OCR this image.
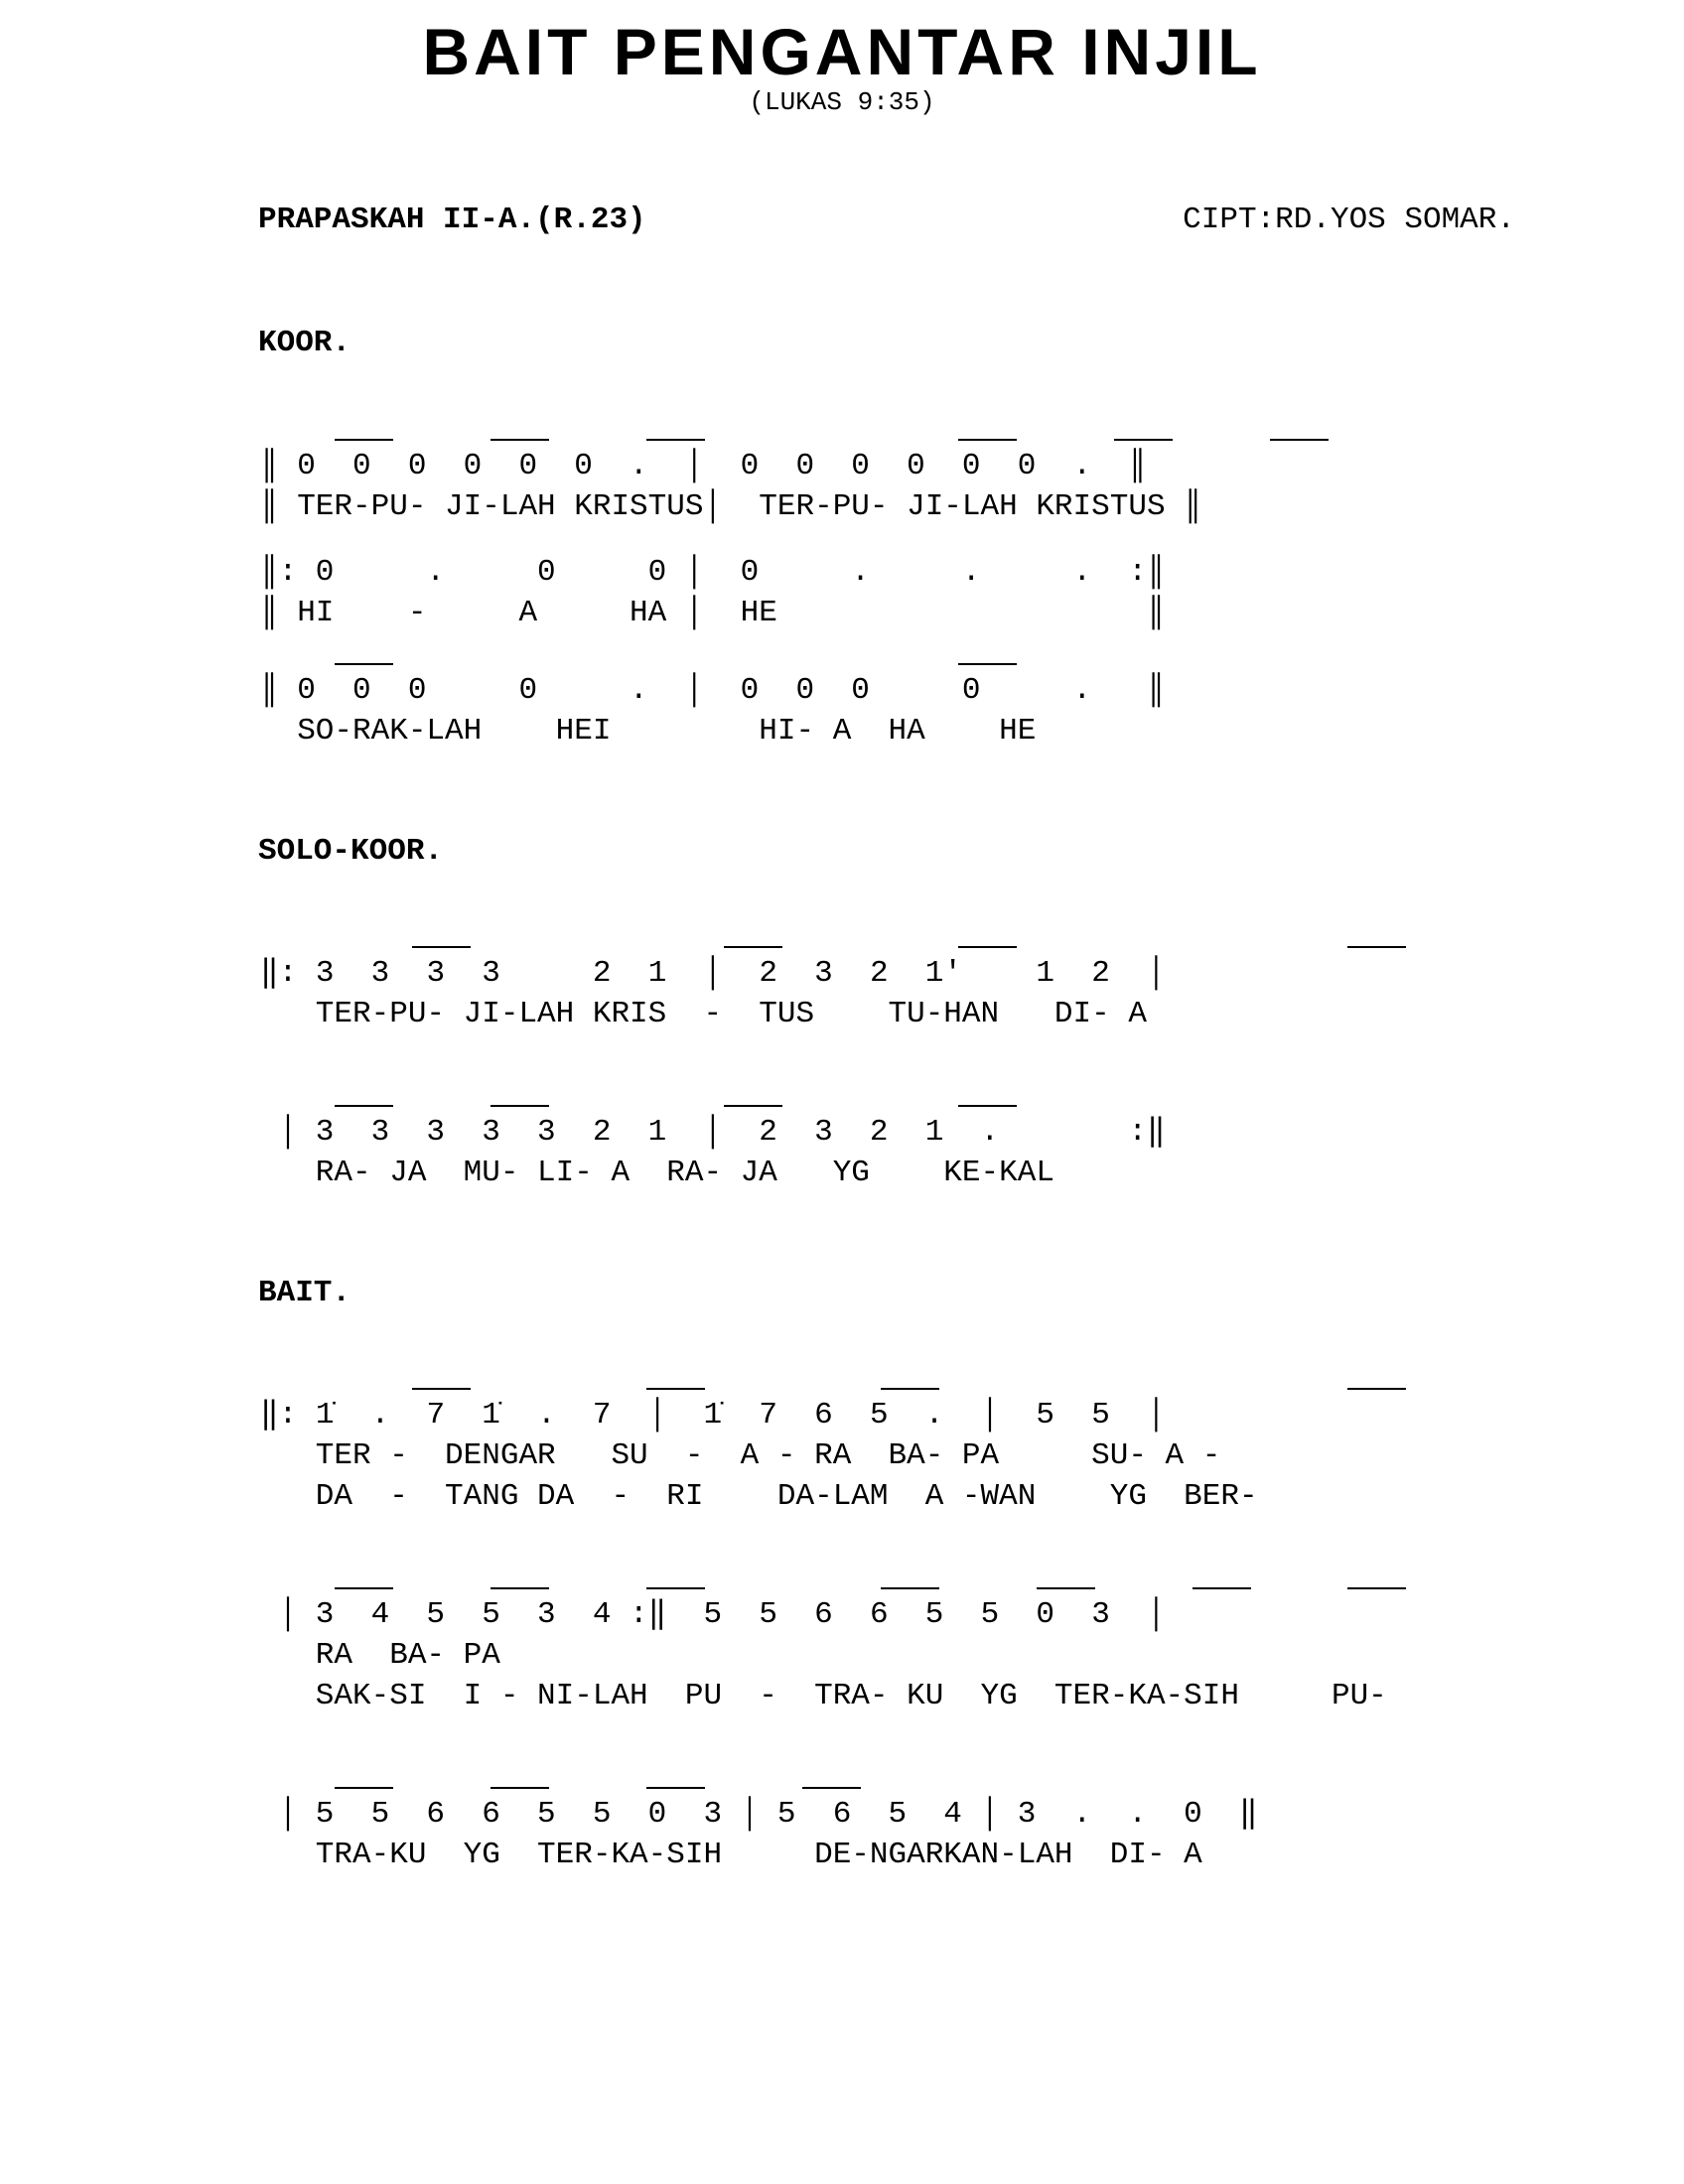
BAIT PENGANTAR INJIL
(LUKAS 9:35)
PRAPASKAH II-A.(R.23)	CIPT:RD.YOS SOMAR.
KOOR.
║ 0  0  0  0  0  0  .  │  0  0  0  0  0  0  .  ║
║ TER-PU- JI-LAH KRISTUS│  TER-PU- JI-LAH KRISTUS ║
║: 0     .     0     0 │  0     .     .     .  :║
║ HI    -     A     HA │  HE                    ║
║ 0  0  0     0     .  │  0  0  0     0     .   ║
SO-RAK-LAH    HEI        HI- A  HA    HE
SOLO-KOOR.
‖: 3  3  3  3     2  1  │  2  3  2  1'    1  2  │
TER-PU- JI-LAH KRIS  -  TUS    TU-HAN   DI- A
│ 3  3  3  3  3  2  1  │  2  3  2  1  .       :‖
RA- JA  MU- LI- A  RA- JA   YG    KE-KAL
BAIT.
‖: 1̇  .  7  1̇  .  7  │  1̇  7  6  5  .  │  5  5  │
TER -  DENGAR   SU  -  A - RA  BA- PA     SU- A -
DA  -  TANG DA  -  RI    DA-LAM  A -WAN    YG  BER-
│ 3  4  5  5  3  4 :‖  5  5  6  6  5  5  0  3  │
RA  BA- PA
SAK-SI  I - NI-LAH  PU  -  TRA- KU  YG  TER-KA-SIH     PU-
│ 5  5  6  6  5  5  0  3 │ 5  6  5  4 │ 3  .  .  0  ‖
TRA-KU  YG  TER-KA-SIH     DE-NGARKAN-LAH  DI- A
